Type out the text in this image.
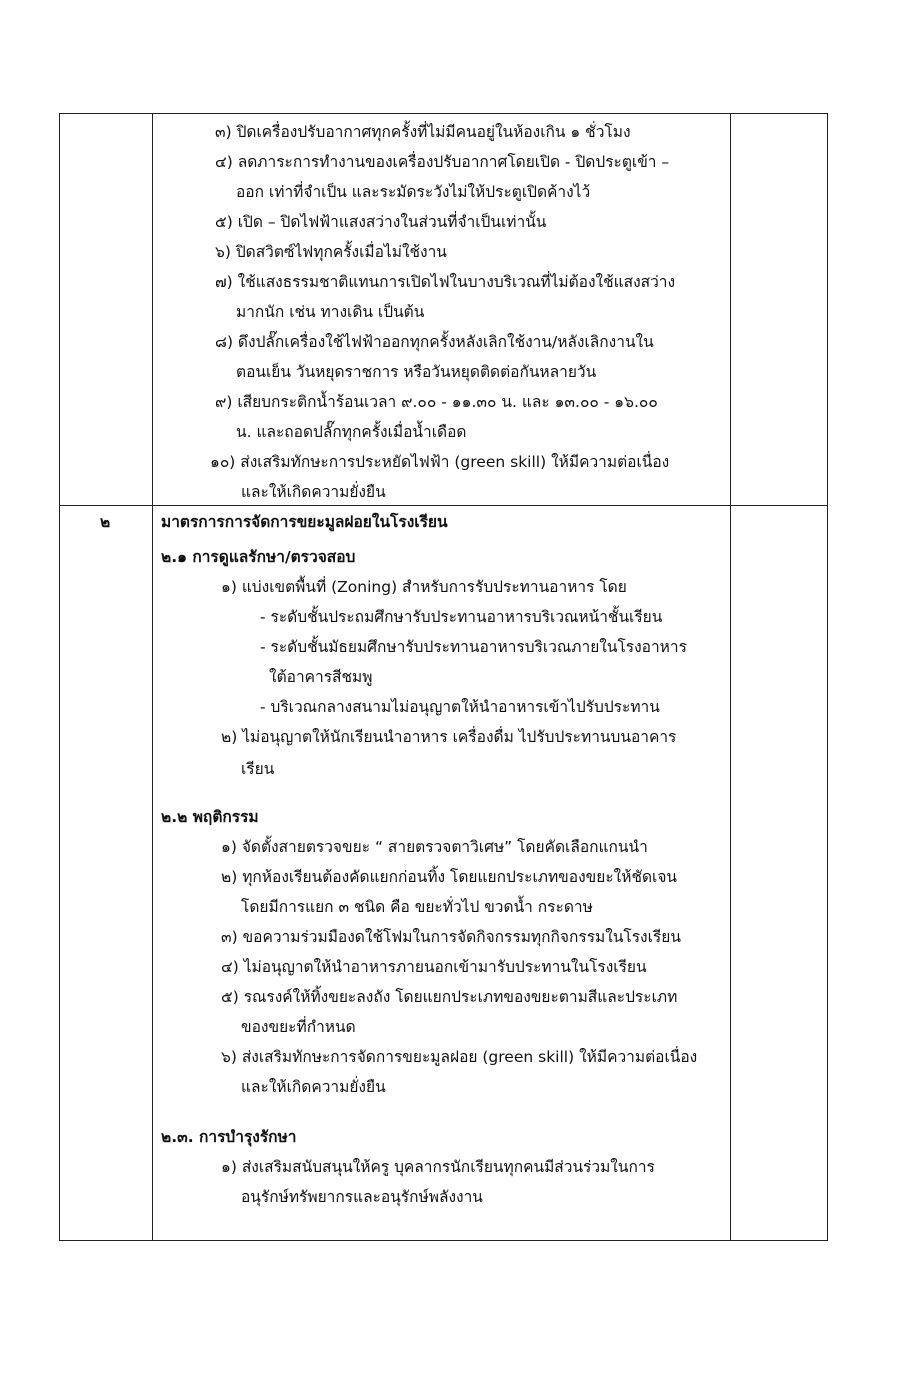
๓) ปิดเครื่องปรับอากาศทุกครั้งที่ไม่มีคนอยู่ในห้องเกิน ๑ ชั่วโมง
๔) ลดภาระการทำงานของเครื่องปรับอากาศโดยเปิด - ปิดประตูเข้า –
ออก เท่าที่จำเป็น และระมัดระวังไม่ให้ประตูเปิดค้างไว้
๕) เปิด – ปิดไฟฟ้าแสงสว่างในส่วนที่จำเป็นเท่านั้น
๖) ปิดสวิตซ์ไฟทุกครั้งเมื่อไม่ใช้งาน
๗) ใช้แสงธรรมชาติแทนการเปิดไฟในบางบริเวณที่ไม่ต้องใช้แสงสว่าง
มากนัก เช่น ทางเดิน เป็นต้น
๘) ดึงปลั๊กเครื่องใช้ไฟฟ้าออกทุกครั้งหลังเลิกใช้งาน/หลังเลิกงานใน
ตอนเย็น วันหยุดราชการ หรือวันหยุดติดต่อกันหลายวัน
๙) เสียบกระติกน้ำร้อนเวลา ๙.๐๐ - ๑๑.๓๐ น. และ ๑๓.๐๐ - ๑๖.๐๐
น. และถอดปลั๊กทุกครั้งเมื่อน้ำเดือด
๑๐) ส่งเสริมทักษะการประหยัดไฟฟ้า (green skill) ให้มีความต่อเนื่อง
และให้เกิดความยั่งยืน
๒	มาตรการการจัดการขยะมูลฝอยในโรงเรียน
๒.๑ การดูแลรักษา/ตรวจสอบ
๑) แบ่งเขตพื้นที่ (Zoning) สำหรับการรับประทานอาหาร โดย
- ระดับชั้นประถมศึกษารับประทานอาหารบริเวณหน้าชั้นเรียน
- ระดับชั้นมัธยมศึกษารับประทานอาหารบริเวณภายในโรงอาหาร
ใต้อาคารสีชมพู
- บริเวณกลางสนามไม่อนุญาตให้นำอาหารเข้าไปรับประทาน
๒) ไม่อนุญาตให้นักเรียนนำอาหาร เครื่องดื่ม ไปรับประทานบนอาคาร
เรียน
๒.๒ พฤติกรรม
๑) จัดตั้งสายตรวจขยะ “ สายตรวจตาวิเศษ” โดยคัดเลือกแกนนำ
๒) ทุกห้องเรียนต้องคัดแยกก่อนทิ้ง โดยแยกประเภทของขยะให้ชัดเจน
โดยมีการแยก ๓ ชนิด คือ ขยะทั่วไป ขวดน้ำ กระดาษ
๓) ขอความร่วมมืองดใช้โฟมในการจัดกิจกรรมทุกกิจกรรมในโรงเรียน
๔) ไม่อนุญาตให้นำอาหารภายนอกเข้ามารับประทานในโรงเรียน
๕) รณรงค์ให้ทิ้งขยะลงถัง โดยแยกประเภทของขยะตามสีและประเภท
ของขยะที่กำหนด
๖) ส่งเสริมทักษะการจัดการขยะมูลฝอย (green skill) ให้มีความต่อเนื่อง
และให้เกิดความยั่งยืน
๒.๓. การบำรุงรักษา
๑) ส่งเสริมสนับสนุนให้ครู บุคลากรนักเรียนทุกคนมีส่วนร่วมในการ
อนุรักษ์ทรัพยากรและอนุรักษ์พลังงาน
